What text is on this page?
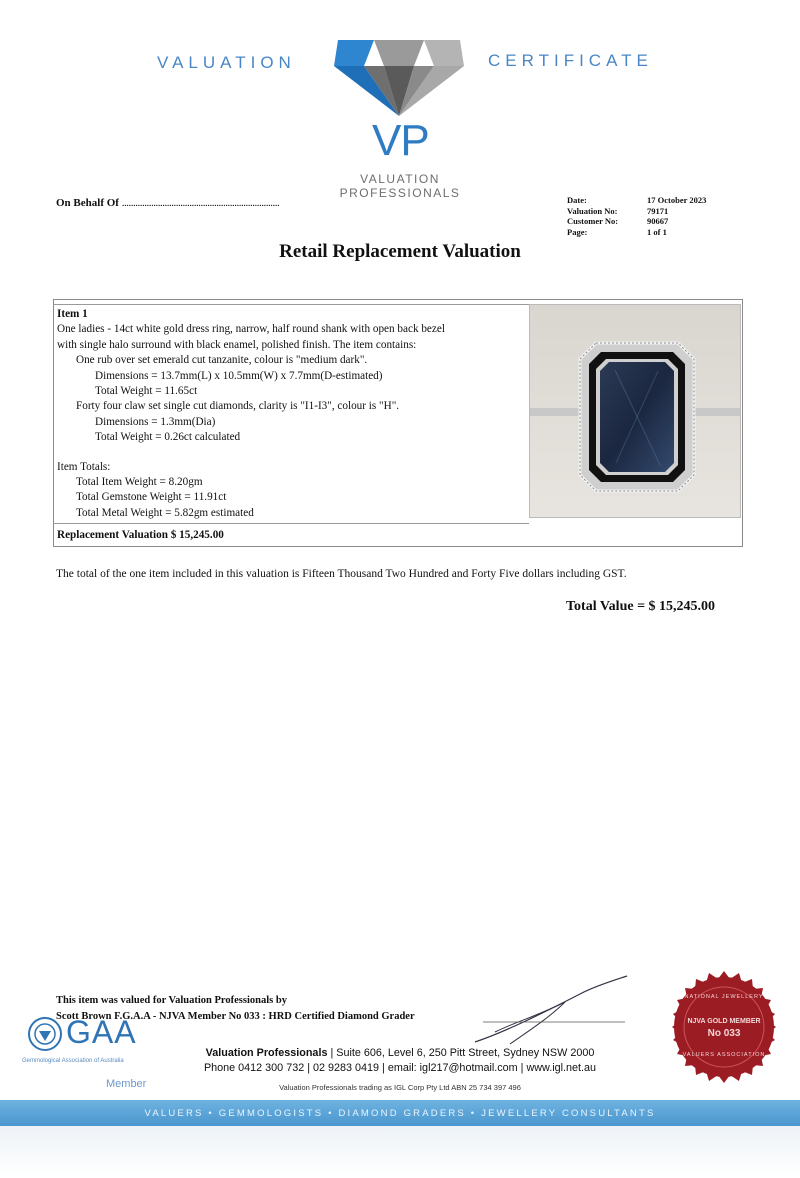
VALUATION	CERTIFICATE
VP
VALUATION
PROFESSIONALS
On Behalf Of ......................................................................	Date:	17 October 2023
Valuation No:	79171
Customer No:	90667
Page:	1 of 1
Retail Replacement Valuation
Item 1
One ladies - 14ct white gold dress ring, narrow, half round shank with open back bezel
with single halo surround with black enamel, polished finish. The item contains:
One rub over set emerald cut tanzanite, colour is "medium dark".
Dimensions = 13.7mm(L) x 10.5mm(W) x 7.7mm(D-estimated)
Total Weight = 11.65ct
Forty four claw set single cut diamonds, clarity is "I1-I3", colour is "H".
Dimensions = 1.3mm(Dia)
Total Weight = 0.26ct calculated
Item Totals:
Total Item Weight = 8.20gm
Total Gemstone Weight = 11.91ct
Total Metal Weight = 5.82gm estimated
Replacement Valuation $ 15,245.00
The total of the one item included in this valuation is Fifteen Thousand Two Hundred and Forty Five dollars including GST.
Total Value = $ 15,245.00
This item was valued for Valuation Professionals by
Scott Brown F.G.A.A - NJVA Member No 033 : HRD Certified Diamond Grader
GAA
Gemmological Association of Australia
Member
Valuation Professionals | Suite 606, Level 6, 250 Pitt Street, Sydney NSW 2000
Phone 0412 300 732 | 02 9283 0419 | email: igl217@hotmail.com | www.igl.net.au
Valuation Professionals trading as IGL Corp Pty Ltd ABN 25 734 397 496
NATIONAL JEWELLERY
NJVA GOLD MEMBER
No 033
VALUERS ASSOCIATION
VALUERS • GEMMOLOGISTS • DIAMOND GRADERS • JEWELLERY CONSULTANTS
